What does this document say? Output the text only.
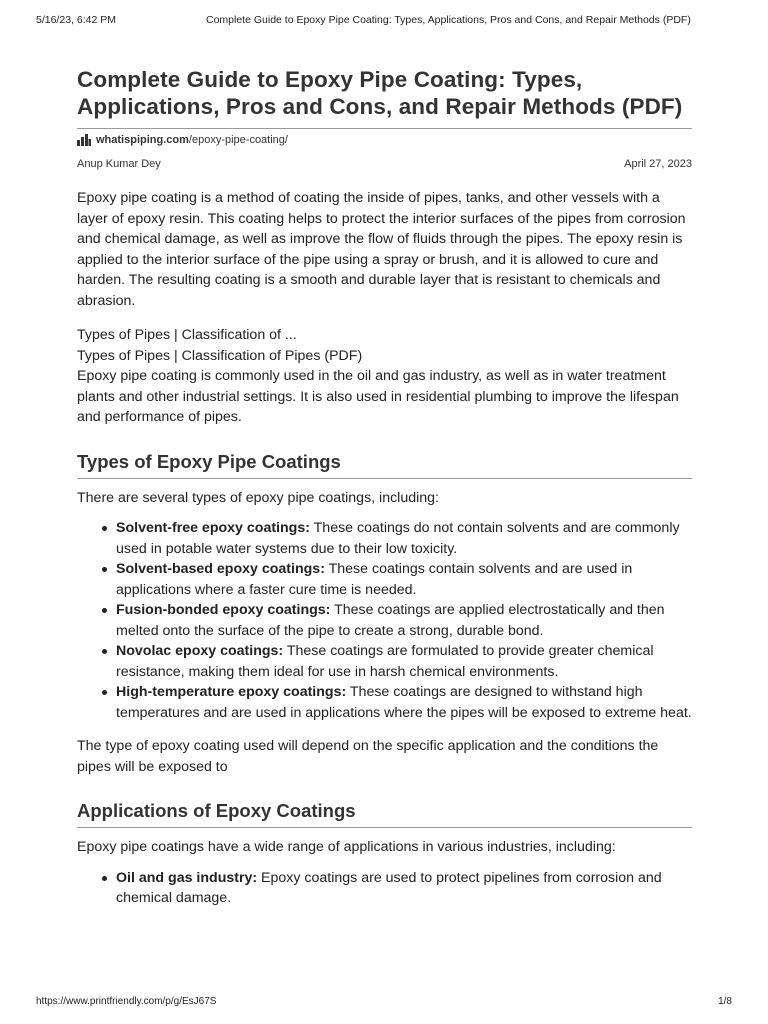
5/16/23, 6:42 PM	Complete Guide to Epoxy Pipe Coating: Types, Applications, Pros and Cons, and Repair Methods (PDF)
Complete Guide to Epoxy Pipe Coating: Types, Applications, Pros and Cons, and Repair Methods (PDF)
whatispiping.com /epoxy-pipe-coating/
Anup Kumar Dey	April 27, 2023

Epoxy pipe coating is a method of coating the inside of pipes, tanks, and other vessels with a layer of epoxy resin. This coating helps to protect the interior surfaces of the pipes from corrosion and chemical damage, as well as improve the flow of fluids through the pipes. The epoxy resin is applied to the interior surface of the pipe using a spray or brush, and it is allowed to cure and harden. The resulting coating is a smooth and durable layer that is resistant to chemicals and abrasion.

Types of Pipes | Classification of ...
Types of Pipes | Classification of Pipes (PDF)
Epoxy pipe coating is commonly used in the oil and gas industry, as well as in water treatment plants and other industrial settings. It is also used in residential plumbing to improve the lifespan and performance of pipes.
Types of Epoxy Pipe Coatings

There are several types of epoxy pipe coatings, including:

Solvent-free epoxy coatings: These coatings do not contain solvents and are commonly used in potable water systems due to their low toxicity.
Solvent-based epoxy coatings: These coatings contain solvents and are used in applications where a faster cure time is needed.
Fusion-bonded epoxy coatings: These coatings are applied electrostatically and then melted onto the surface of the pipe to create a strong, durable bond.
Novolac epoxy coatings: These coatings are formulated to provide greater chemical resistance, making them ideal for use in harsh chemical environments.
High-temperature epoxy coatings: These coatings are designed to withstand high temperatures and are used in applications where the pipes will be exposed to extreme heat.

The type of epoxy coating used will depend on the specific application and the conditions the pipes will be exposed to

Applications of Epoxy Coatings

Epoxy pipe coatings have a wide range of applications in various industries, including:

Oil and gas industry: Epoxy coatings are used to protect pipelines from corrosion and chemical damage.
https://www.printfriendly.com/p/g/EsJ67S	1/8
